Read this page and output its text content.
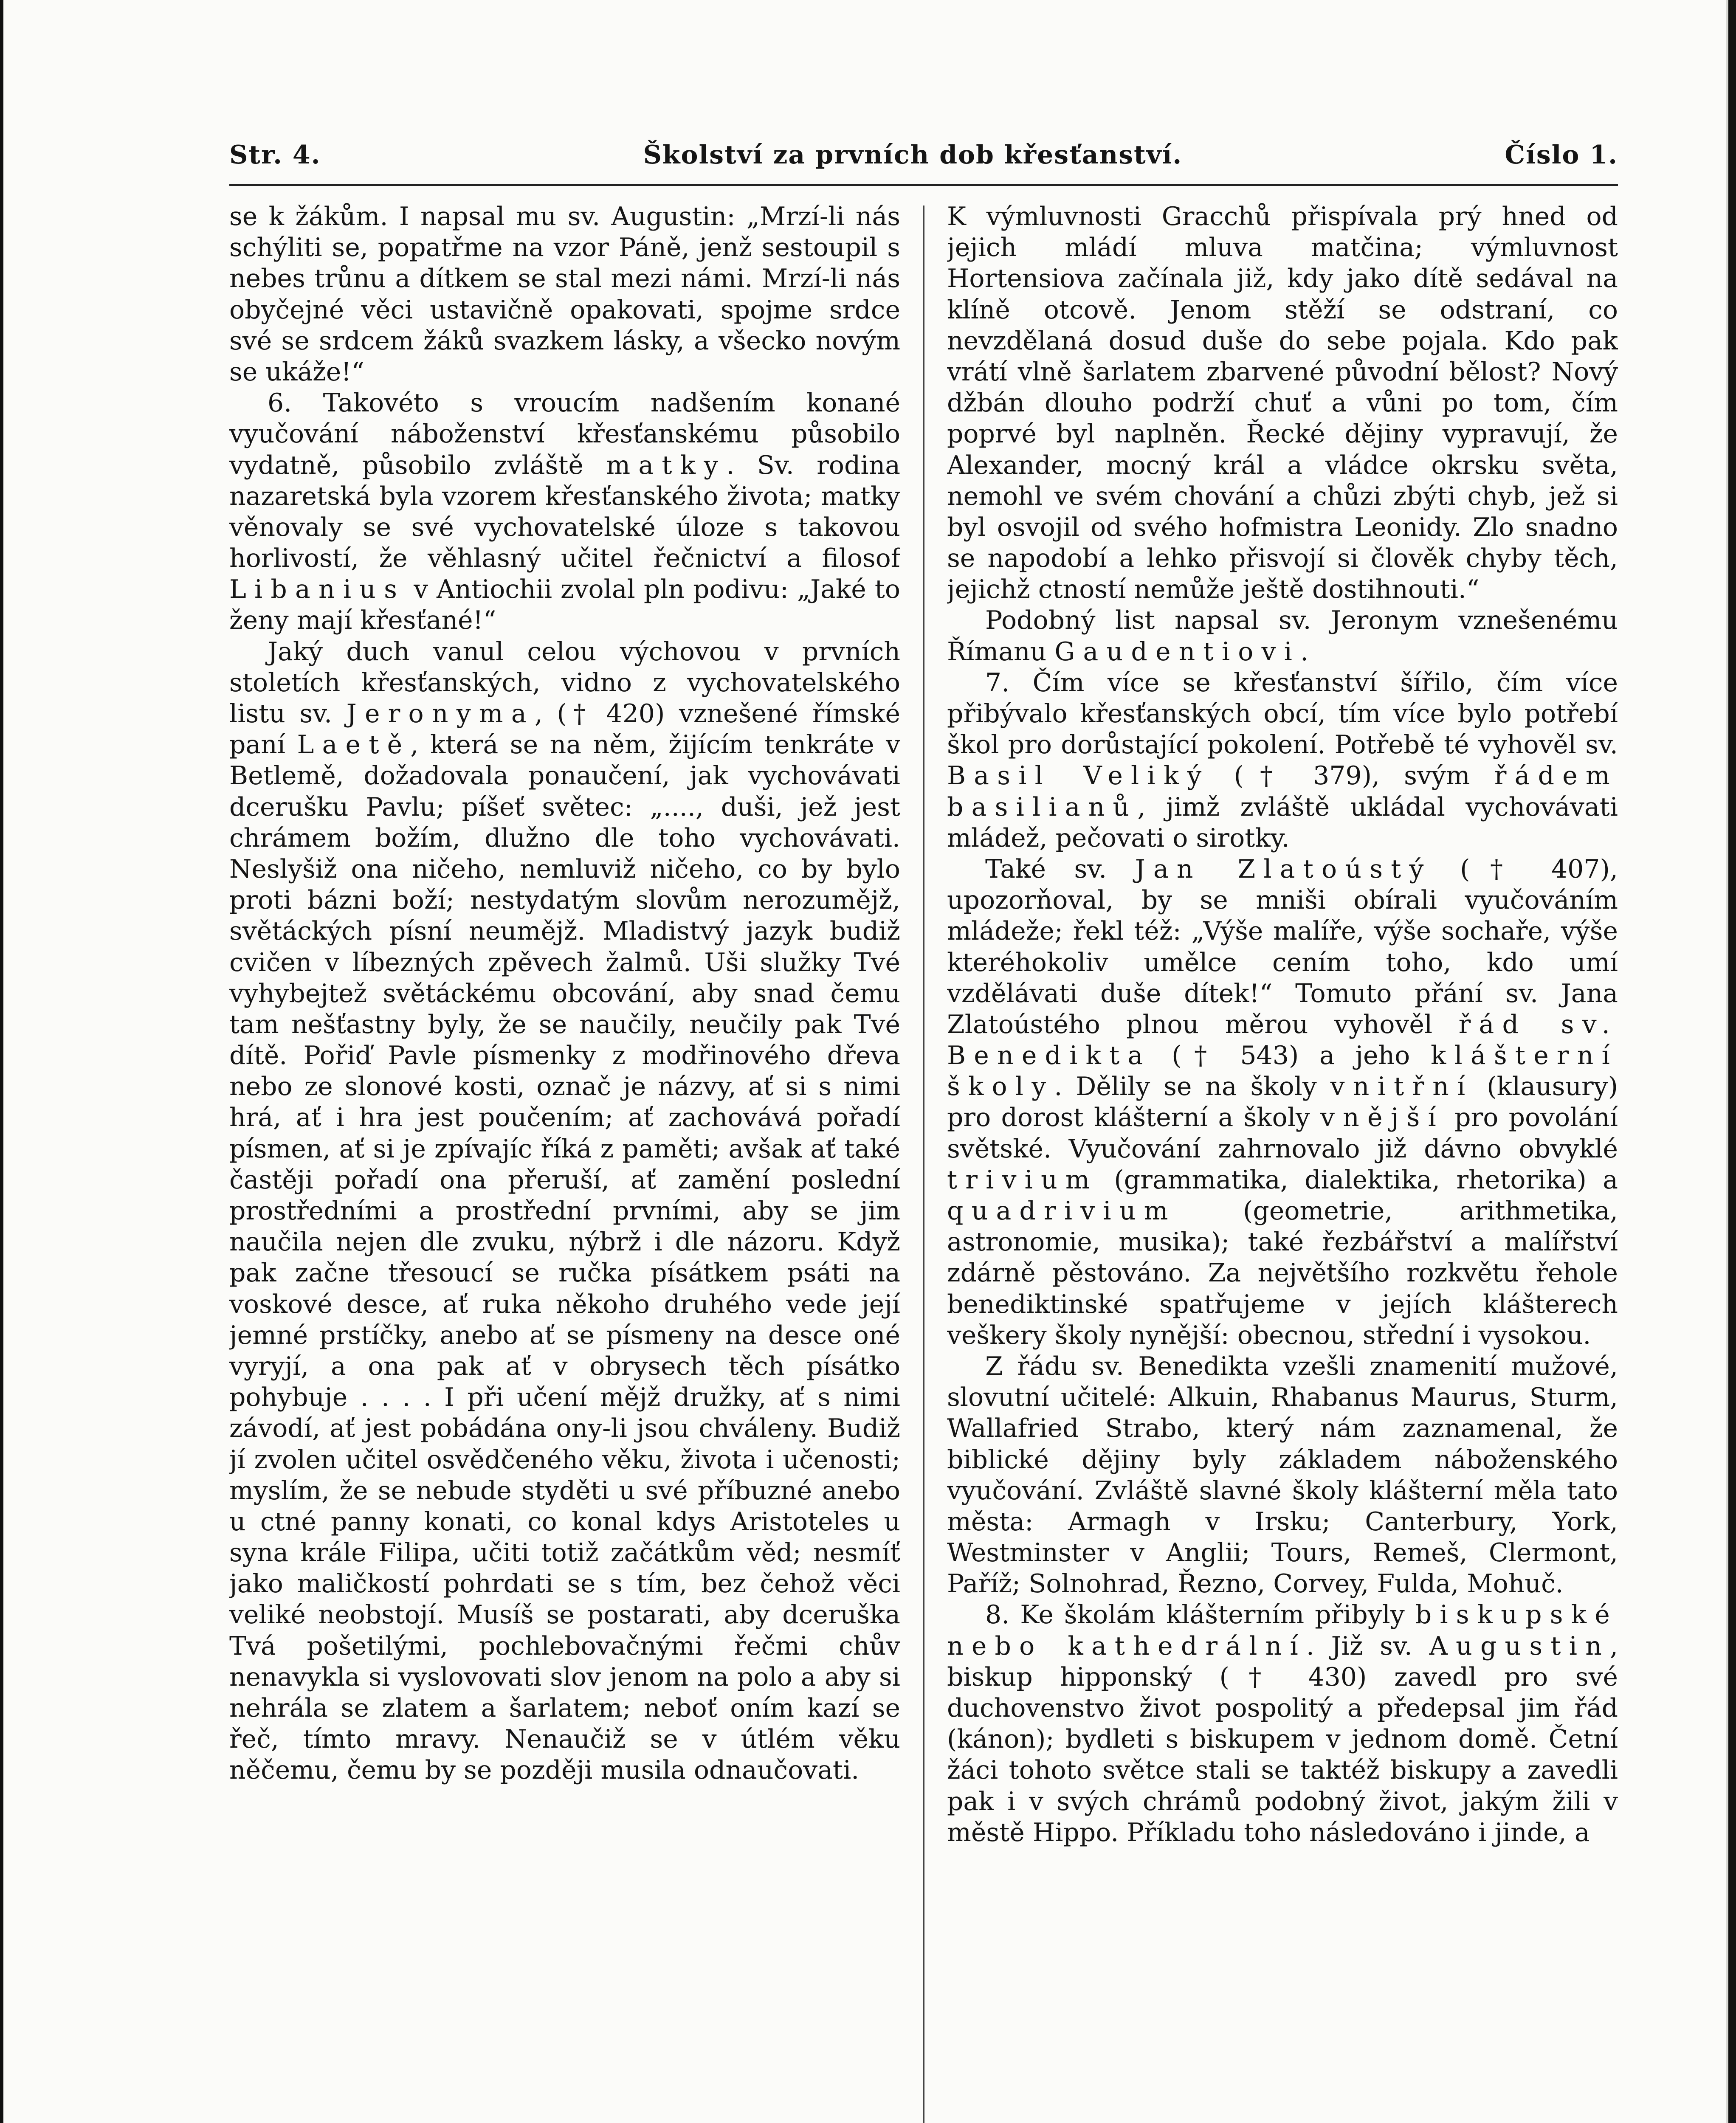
Str. 4.	Školství za prvních dob křesťanství.	Číslo 1.

se k žákům. I napsal mu sv. Augustin: „Mrzí-li nás schýliti se, popatřme na vzor Páně, jenž sestoupil s nebes trůnu a dítkem se stal mezi námi. Mrzí-li nás obyčejné věci ustavičně opakovati, spojme srdce své se srdcem žáků svazkem lásky, a všecko novým se ukáže!“

6. Takovéto s vroucím nadšením konané vyučování náboženství křesťanskému působilo vydatně, působilo zvláště matky. Sv. rodina nazaretská byla vzorem křesťanského života; matky věnovaly se své vychovatelské úloze s takovou horlivostí, že věhlasný učitel řečnictví a filosof Libanius v Antiochii zvolal pln podivu: „Jaké to ženy mají křesťané!“

Jaký duch vanul celou výchovou v prvních stoletích křesťanských, vidno z vychovatelského listu sv. Jeronyma, († 420) vznešené římské paní Laetě, která se na něm, žijícím tenkráte v Betlemě, dožadovala ponaučení, jak vychovávati dcerušku Pavlu; píšeť světec: „...., duši, jež jest chrámem božím, dlužno dle toho vychovávati. Neslyšiž ona ničeho, nemluviž ničeho, co by bylo proti bázni boží; nestydatým slovům nerozumějž, světáckých písní neumějž. Mladistvý jazyk budiž cvičen v líbezných zpěvech žalmů. Uši služky Tvé vyhybejtež světáckému obcování, aby snad čemu tam nešťastny byly, že se naučily, neučily pak Tvé dítě. Pořiď Pavle písmenky z modřinového dřeva nebo ze slonové kosti, označ je názvy, ať si s nimi hrá, ať i hra jest poučením; ať zachovává pořadí písmen, ať si je zpívajíc říká z paměti; avšak ať také častěji pořadí ona přeruší, ať zamění poslední prostředními a prostřední prvními, aby se jim naučila nejen dle zvuku, nýbrž i dle názoru. Když pak začne třesoucí se ručka písátkem psáti na voskové desce, ať ruka někoho druhého vede její jemné prstíčky, anebo ať se písmeny na desce oné vyryjí, a ona pak ať v obrysech těch písátko pohybuje . . . . I při učení mějž družky, ať s nimi závodí, ať jest pobádána ony-li jsou chváleny. Budiž jí zvolen učitel osvědčeného věku, života i učenosti; myslím, že se nebude styděti u své příbuzné anebo u ctné panny konati, co konal kdys Aristoteles u syna krále Filipa, učiti totiž začátkům věd; nesmíť jako maličkostí pohrdati se s tím, bez čehož věci veliké neobstojí. Musíš se postarati, aby dceruška Tvá pošetilými, pochlebovačnými řečmi chův nenavykla si vyslovovati slov jenom na polo a aby si nehrála se zlatem a šarlatem; neboť oním kazí se řeč, tímto mravy. Nenaučiž se v útlém věku něčemu, čemu by se později musila odnaučovati.

K výmluvnosti Gracchů přispívala prý hned od jejich mládí mluva matčina; výmluvnost Hortensiova začínala již, kdy jako dítě sedával na klíně otcově. Jenom stěží se odstraní, co nevzdělaná dosud duše do sebe pojala. Kdo pak vrátí vlně šarlatem zbarvené původní bělost? Nový džbán dlouho podrží chuť a vůni po tom, čím poprvé byl naplněn. Řecké dějiny vypravují, že Alexander, mocný král a vládce okrsku světa, nemohl ve svém chování a chůzi zbýti chyb, jež si byl osvojil od svého hofmistra Leonidy. Zlo snadno se napodobí a lehko přisvojí si člověk chyby těch, jejichž ctností nemůže ještě dostihnouti.“

Podobný list napsal sv. Jeronym vznešenému Římanu Gaudentiovi.

7. Čím více se křesťanství šířilo, čím více přibývalo křesťanských obcí, tím více bylo potřebí škol pro dorůstající pokolení. Potřebě té vyhověl sv. Basil Veliký († 379), svým řádem basilianů, jimž zvláště ukládal vychovávati mládež, pečovati o sirotky.

Také sv. Jan Zlatoústý († 407), upozorňoval, by se mniši obírali vyučováním mládeže; řekl též: „Výše malíře, výše sochaře, výše kteréhokoliv umělce cením toho, kdo umí vzdělávati duše dítek!“ Tomuto přání sv. Jana Zlatoústého plnou měrou vyhověl řád sv. Benedikta († 543) a jeho klášterní školy. Dělily se na školy vnitřní (klausury) pro dorost klášterní a školy vnější pro povolání světské. Vyučování zahrnovalo již dávno obvyklé trivium (grammatika, dialektika, rhetorika) a quadrivium	(geometrie, arithmetika, astronomie, musika); také řezbářství a malířství zdárně pěstováno. Za největšího rozkvětu řehole benediktinské spatřujeme v jejích klášterech veškery školy nynější: obecnou, střední i vysokou.

Z řádu sv. Benedikta vzešli znamenití mužové, slovutní učitelé: Alkuin, Rhabanus Maurus, Sturm, Wallafried Strabo, který nám zaznamenal, že biblické dějiny byly základem náboženského vyučování. Zvláště slavné školy klášterní měla tato města: Armagh v Irsku; Canterbury, York, Westminster v Anglii; Tours, Remeš, Clermont, Paříž; Solnohrad, Řezno, Corvey, Fulda, Mohuč.

8. Ke školám klášterním přibyly biskupské nebo kathedrální. Již sv. Augustin, biskup hipponský († 430) zavedl pro své duchovenstvo život pospolitý a předepsal jim řád (kánon); bydleti s biskupem v jednom domě. Četní žáci tohoto světce stali se taktéž biskupy a zavedli pak i v svých chrámů podobný život, jakým žili v městě Hippo. Příkladu toho následováno i jinde, a
